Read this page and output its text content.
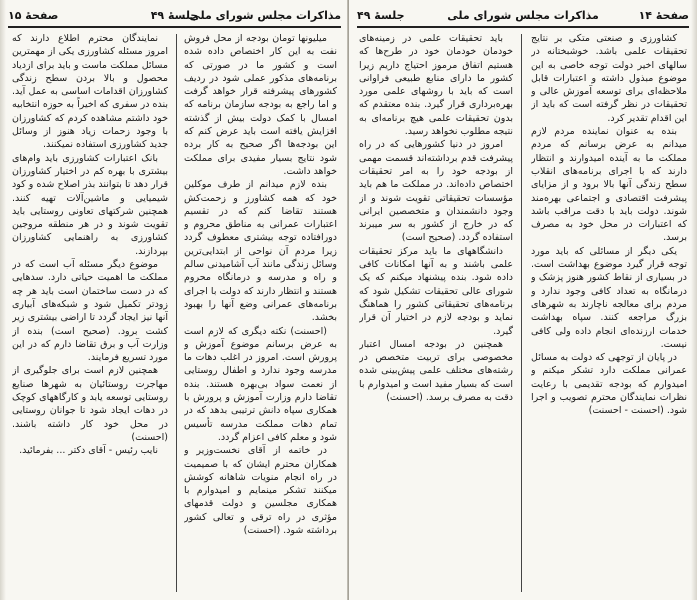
مذاکرات مجلس شورای ملی
جلسهٔ ۴۹
صفحهٔ ۱۵

میلیونها تومان بودجه از محل فروش نفت به این کار اختصاص داده شده است و کشور ما در صورتی که برنامه‌های مذکور عملی شود در ردیف کشورهای پیشرفته قرار خواهد گرفت و اما راجع به بودجه سازمان برنامه که امسال با کمک دولت بیش از گذشته افزایش یافته است باید عرض کنم که این بودجه‌ها اگر صحیح به کار برده شود نتایج بسیار مفیدی برای مملکت خواهد داشت.

بنده لازم میدانم از طرف موکلین خود که همه کشاورز و زحمت‌کش هستند تقاضا کنم که در تقسیم اعتبارات عمرانی به مناطق محروم و دورافتاده توجه بیشتری معطوف گردد زیرا مردم آن نواحی از ابتدایی‌ترین وسائل زندگی مانند آب آشامیدنی سالم و راه و مدرسه و درمانگاه محروم هستند و انتظار دارند که دولت با اجرای برنامه‌های عمرانی وضع آنها را بهبود بخشد.

(احسنت) نکته دیگری که لازم است به عرض برسانم موضوع آموزش و پرورش است. امروز در اغلب دهات ما مدرسه وجود ندارد و اطفال روستایی از نعمت سواد بی‌بهره هستند. بنده تقاضا دارم وزارت آموزش و پرورش با همکاری سپاه دانش ترتیبی بدهد که در تمام دهات مملکت مدرسه تأسیس شود و معلم کافی اعزام گردد.

در خاتمه از آقای نخست‌وزیر و همکاران محترم ایشان که با صمیمیت در راه انجام منویات شاهانه کوشش میکنند تشکر مینمایم و امیدوارم با همکاری مجلسین و دولت قدمهای مؤثری در راه ترقی و تعالی کشور برداشته شود. (احسنت)

نمایندگان محترم اطلاع دارند که امروز مسئله کشاورزی یکی از مهمترین مسائل مملکت ماست و باید برای ازدیاد محصول و بالا بردن سطح زندگی کشاورزان اقدامات اساسی به عمل آید. بنده در سفری که اخیراً به حوزه انتخابیه خود داشتم مشاهده کردم که کشاورزان با وجود زحمات زیاد هنوز از وسائل جدید کشاورزی استفاده نمیکنند.

بانک اعتبارات کشاورزی باید وام‌های بیشتری با بهره کم در اختیار کشاورزان قرار دهد تا بتوانند بذر اصلاح شده و کود شیمیایی و ماشین‌آلات تهیه کنند. همچنین شرکتهای تعاونی روستایی باید تقویت شوند و در هر منطقه مروجین کشاورزی به راهنمایی کشاورزان بپردازند.

موضوع دیگر مسئله آب است که در مملکت ما اهمیت حیاتی دارد. سدهایی که در دست ساختمان است باید هر چه زودتر تکمیل شود و شبکه‌های آبیاری آنها نیز ایجاد گردد تا اراضی بیشتری زیر کشت برود. (صحیح است) بنده از وزارت آب و برق تقاضا دارم که در این مورد تسریع فرمایند.

همچنین لازم است برای جلوگیری از مهاجرت روستائیان به شهرها صنایع روستایی توسعه یابد و کارگاههای کوچک در دهات ایجاد شود تا جوانان روستایی در محل خود کار داشته باشند. (احسنت)

نایب رئیس - آقای دکتر ... بفرمائید.

صفحهٔ ۱۴
مذاکرات مجلس شورای ملی
جلسهٔ ۴۹

کشاورزی و صنعتی متکی بر نتایج تحقیقات علمی باشد. خوشبختانه در سالهای اخیر دولت توجه خاصی به این موضوع مبذول داشته و اعتبارات قابل ملاحظه‌ای برای توسعه آموزش عالی و تحقیقات در نظر گرفته است که باید از این اقدام تقدیر کرد.

بنده به عنوان نماینده مردم لازم میدانم به عرض برسانم که مردم مملکت ما به آینده امیدوارند و انتظار دارند که با اجرای برنامه‌های انقلاب سطح زندگی آنها بالا برود و از مزایای پیشرفت اقتصادی و اجتماعی بهره‌مند شوند. دولت باید با دقت مراقب باشد که اعتبارات در محل خود به مصرف برسد.

یکی دیگر از مسائلی که باید مورد توجه قرار گیرد موضوع بهداشت است. در بسیاری از نقاط کشور هنوز پزشک و درمانگاه به تعداد کافی وجود ندارد و مردم برای معالجه ناچارند به شهرهای بزرگ مراجعه کنند. سپاه بهداشت خدمات ارزنده‌ای انجام داده ولی کافی نیست.

در پایان از توجهی که دولت به مسائل عمرانی مملکت دارد تشکر میکنم و امیدوارم که بودجه تقدیمی با رعایت نظرات نمایندگان محترم تصویب و اجرا شود. (احسنت - احسنت)

باید تحقیقات علمی در زمینه‌های خودمان خودمان خود در طرح‌ها که هستیم اتفاق مرموز احتیاج داریم زیرا کشور ما دارای منابع طبیعی فراوانی است که باید با روشهای علمی مورد بهره‌برداری قرار گیرد. بنده معتقدم که بدون تحقیقات علمی هیچ برنامه‌ای به نتیجه مطلوب نخواهد رسید.

امروز در دنیا کشورهایی که در راه پیشرفت قدم برداشته‌اند قسمت مهمی از بودجه خود را به امر تحقیقات اختصاص داده‌اند. در مملکت ما هم باید مؤسسات تحقیقاتی تقویت شوند و از وجود دانشمندان و متخصصین ایرانی که در خارج از کشور به سر میبرند استفاده گردد. (صحیح است)

دانشگاههای ما باید مرکز تحقیقات علمی باشند و به آنها امکانات کافی داده شود. بنده پیشنهاد میکنم که یک شورای عالی تحقیقات تشکیل شود که برنامه‌های تحقیقاتی کشور را هماهنگ نماید و بودجه لازم در اختیار آن قرار گیرد.

همچنین در بودجه امسال اعتبار مخصوصی برای تربیت متخصص در رشته‌های مختلف علمی پیش‌بینی شده است که بسیار مفید است و امیدوارم با دقت به مصرف برسد. (احسنت)
